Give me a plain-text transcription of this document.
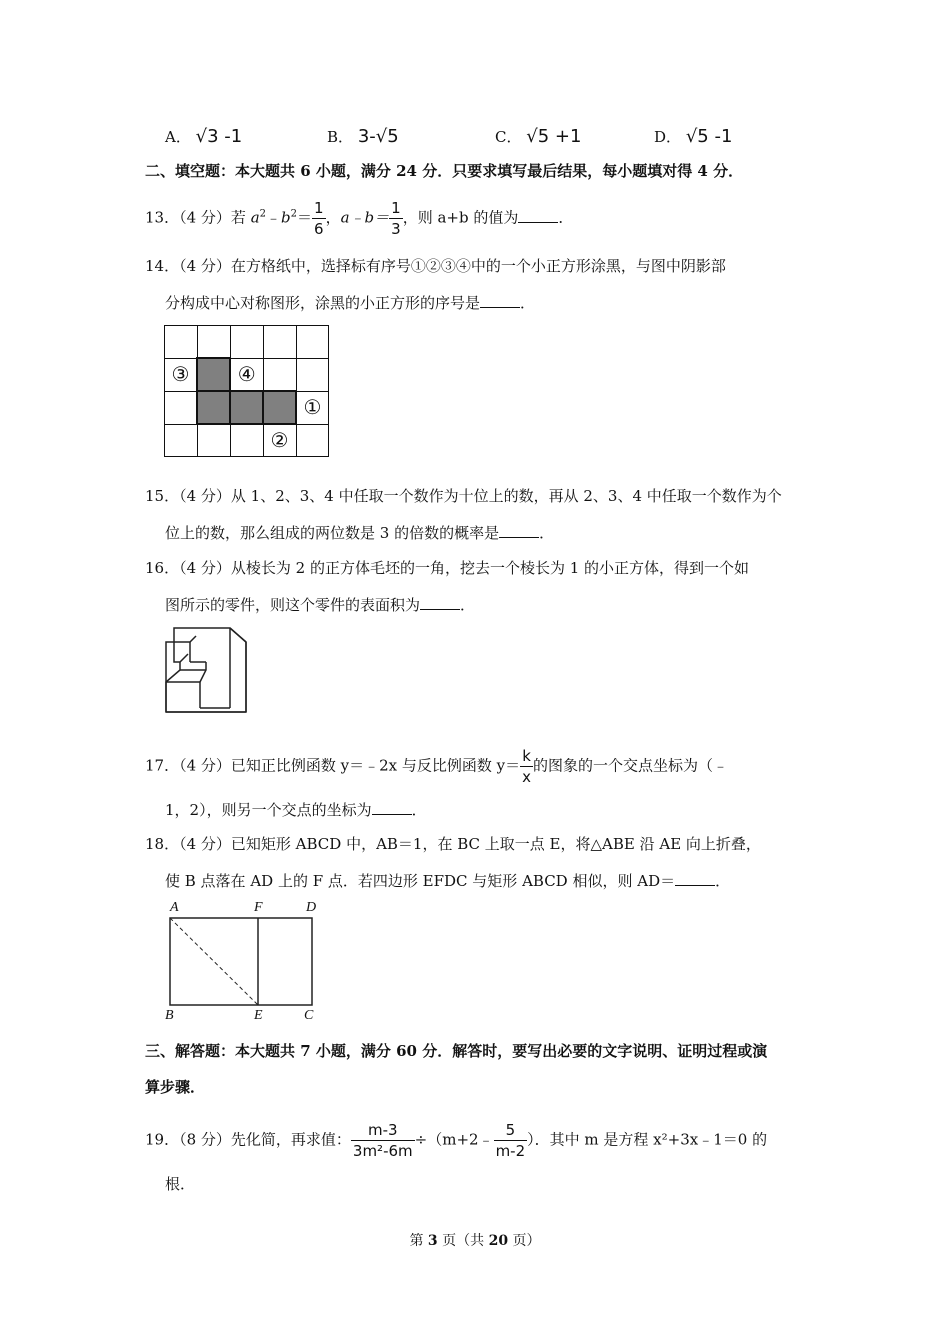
A． √3 -1	B． 3-√5	C． √5 +1	D． √5 -1
二、填空题：本大题共 6 小题，满分 24 分．只要求填写最后结果，每小题填对得 4 分．
13．（4 分）若 $a^2﹣b^2= \frac{1}{6}$ ，a﹣b＝ $\frac{1}{3}$ ，则 a+b 的值为	．
14．（4 分）在方格纸中，选择标有序号①②③④中的一个小正方形涂黑，与图中阴影部
分构成中心对称图形，涂黑的小正方形的序号是	．

③		④		
				①
			②	
15．（4 分）从 1、2、3、4 中任取一个数作为十位上的数，再从 2、3、4 中任取一个数作为个
位上的数，那么组成的两位数是 3 的倍数的概率是	．
16．（4 分）从棱长为 2 的正方体毛坯的一角，挖去一个棱长为 1 的小正方体，得到一个如
图所示的零件，则这个零件的表面积为	．
17．（4 分）已知正比例函数 y＝﹣2x 与反比例函数 $y= \frac{k}{x}$ 的图象的一个交点坐标为（﹣
1，2），则另一个交点的坐标为	．
18．（4 分）已知矩形 ABCD 中，AB＝1，在 BC 上取一点 E，将△ABE 沿 AE 向上折叠，
使 B 点落在 AD 上的 F 点．若四边形 EFDC 与矩形 ABCD 相似，则 AD＝	．
A	F	D
B	E	C
三、解答题：本大题共 7 小题，满分 60 分．解答时，要写出必要的文字说明、证明过程或演
算步骤．
19．（8 分）先化简，再求值： $\frac{m-3}{\text{3m²-6m}}$ ÷（m+2﹣ $\frac{5}{m-2}$ ）．其中 m 是方程 x²+3x﹣1＝0 的
根．
第 3 页（共 20 页）
